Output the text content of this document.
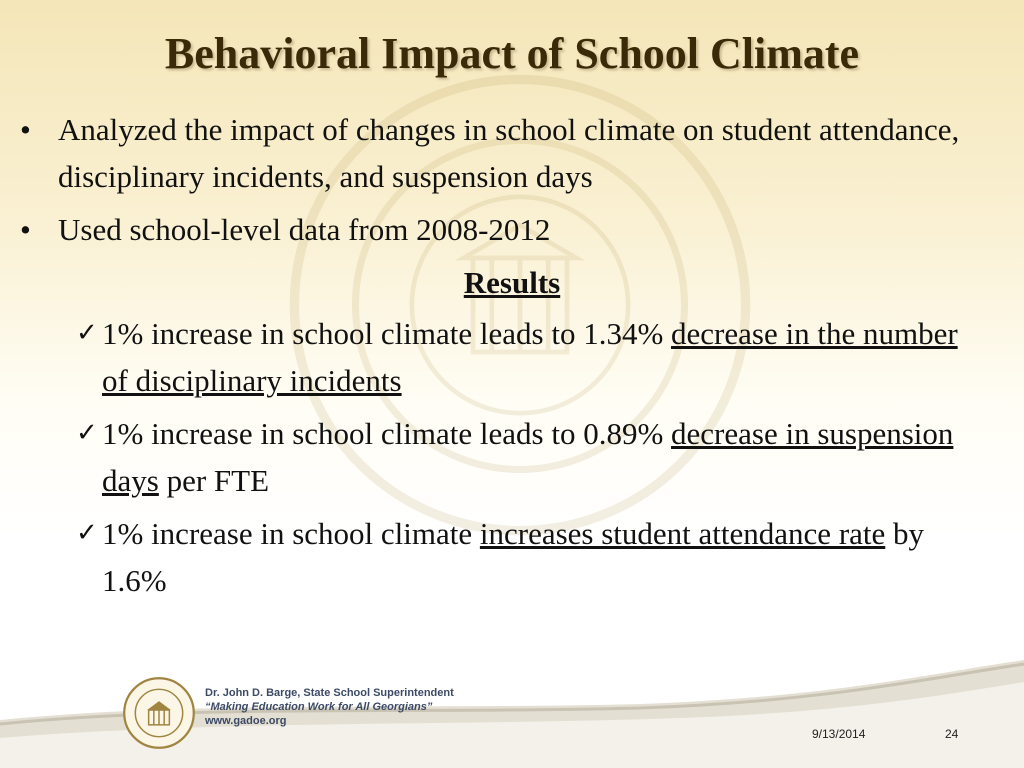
Behavioral Impact of School Climate
• Analyzed the impact of changes in school climate on student attendance, disciplinary incidents, and suspension days
• Used school-level data from 2008-2012
Results
✓ 1% increase in school climate leads to 1.34% decrease in the number of disciplinary incidents
✓ 1% increase in school climate leads to 0.89% decrease in suspension days per FTE
✓ 1% increase in school climate increases student attendance rate by 1.6%
Dr. John D. Barge, State School Superintendent
“Making Education Work for All Georgians”
www.gadoe.org
9/13/2014	24
